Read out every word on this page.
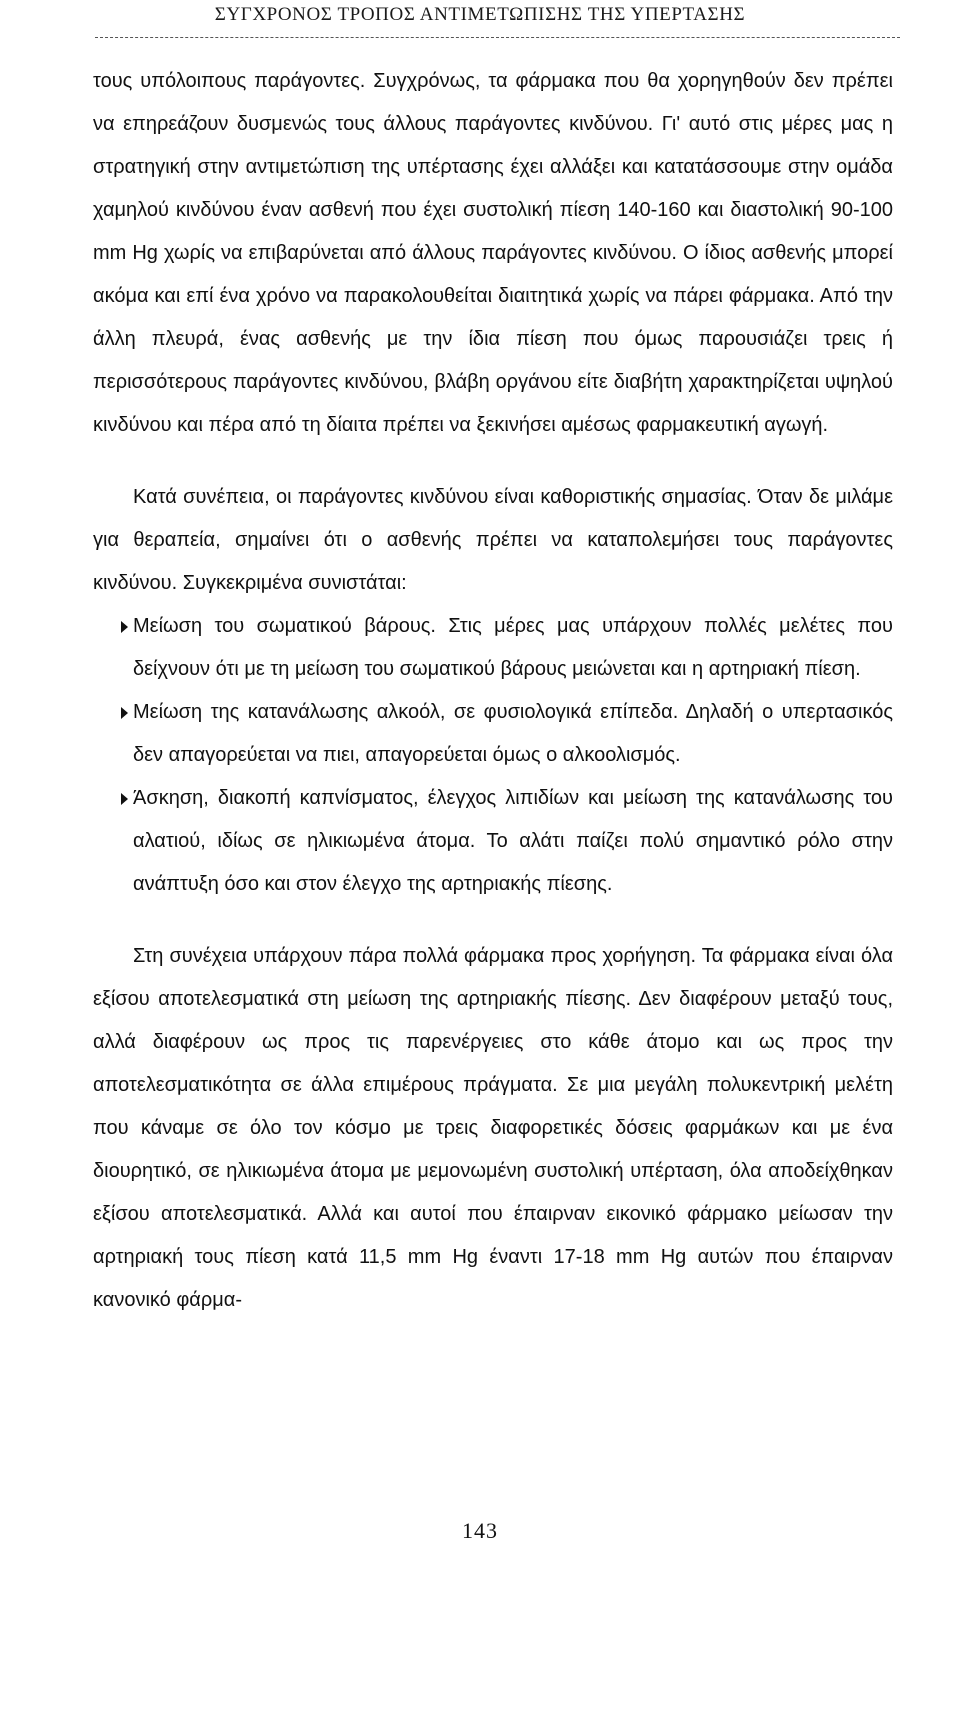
ΣΥΓΧΡΟΝΟΣ ΤΡΟΠΟΣ ΑΝΤΙΜΕΤΩΠΙΣΗΣ ΤΗΣ ΥΠΕΡΤΑΣΗΣ

τους υπόλοιπους παράγοντες. Συγχρόνως, τα φάρμακα που θα χορηγηθούν δεν πρέπει να επηρεάζουν δυσμενώς τους άλλους παράγοντες κινδύνου. Γι' αυτό στις μέρες μας η στρατηγική στην αντιμετώπιση της υπέρτασης έχει αλλάξει και κατατάσσουμε στην ομάδα χαμηλού κινδύνου έναν ασθενή που έχει συστολική πίεση 140-160 και διαστολική 90-100 mm Hg χωρίς να επιβαρύνεται από άλλους παράγοντες κινδύνου. Ο ίδιος ασθενής μπορεί ακόμα και επί ένα χρόνο να παρακολουθείται διαιτητικά χωρίς να πάρει φάρμακα. Από την άλλη πλευρά, ένας ασθενής με την ίδια πίεση που όμως παρουσιάζει τρεις ή περισσότερους παράγοντες κινδύνου, βλάβη οργάνου είτε διαβήτη χαρακτηρίζεται υψηλού κινδύνου και πέρα από τη δίαιτα πρέπει να ξεκινήσει αμέσως φαρμακευτική αγωγή.

Κατά συνέπεια, οι παράγοντες κινδύνου είναι καθοριστικής σημασίας. Όταν δε μιλάμε για θεραπεία, σημαίνει ότι ο ασθενής πρέπει να καταπολεμήσει τους παράγοντες κινδύνου. Συγκεκριμένα συνιστάται:

Μείωση του σωματικού βάρους. Στις μέρες μας υπάρχουν πολλές μελέτες που δείχνουν ότι με τη μείωση του σωματικού βάρους μειώνεται και η αρτηριακή πίεση.
Μείωση της κατανάλωσης αλκοόλ, σε φυσιολογικά επίπεδα. Δηλαδή ο υπερτασικός δεν απαγορεύεται να πιει, απαγορεύεται όμως ο αλκοολισμός.
Άσκηση, διακοπή καπνίσματος, έλεγχος λιπιδίων και μείωση της κατανάλωσης του αλατιού, ιδίως σε ηλικιωμένα άτομα. Το αλάτι παίζει πολύ σημαντικό ρόλο στην ανάπτυξη όσο και στον έλεγχο της αρτηριακής πίεσης.

Στη συνέχεια υπάρχουν πάρα πολλά φάρμακα προς χορήγηση. Τα φάρμακα είναι όλα εξίσου αποτελεσματικά στη μείωση της αρτηριακής πίεσης. Δεν διαφέρουν μεταξύ τους, αλλά διαφέρουν ως προς τις παρενέργειες στο κάθε άτομο και ως προς την αποτελεσματικότητα σε άλλα επιμέρους πράγματα. Σε μια μεγάλη πολυκεντρική μελέτη που κάναμε σε όλο τον κόσμο με τρεις διαφορετικές δόσεις φαρμάκων και με ένα διουρητικό, σε ηλικιωμένα άτομα με μεμονωμένη συστολική υπέρταση, όλα αποδείχθηκαν εξίσου αποτελεσματικά. Αλλά και αυτοί που έπαιρναν εικονικό φάρμακο μείωσαν την αρτηριακή τους πίεση κατά 11,5 mm Hg έναντι 17-18 mm Hg αυτών που έπαιρναν κανονικό φάρμα-

143
